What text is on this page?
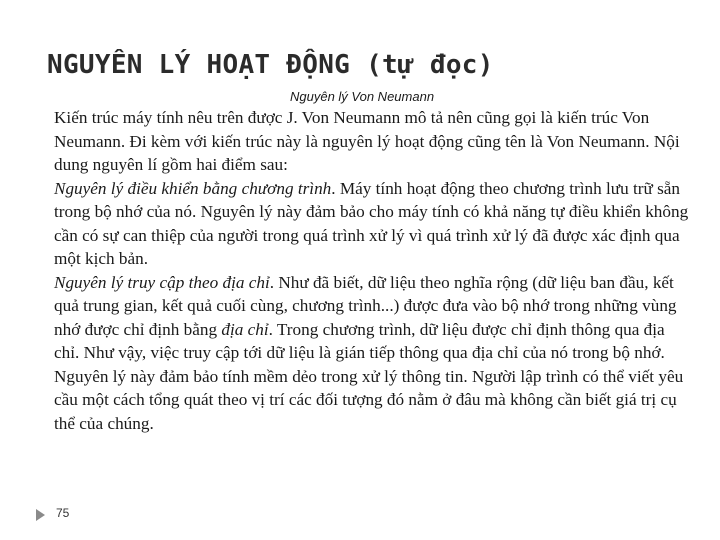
NGUYÊN LÝ HOẠT ĐỘNG (tự đọc)
Nguyên lý Von Neumann
Kiến trúc máy tính nêu trên được J. Von Neumann mô tả nên cũng gọi là kiến trúc Von Neumann. Đi kèm với kiến trúc này là nguyên lý hoạt động cũng tên là Von Neumann. Nội dung nguyên lí gồm hai điểm sau:
Nguyên lý điều khiển bằng chương trình. Máy tính hoạt động theo chương trình lưu trữ sẵn trong bộ nhớ của nó. Nguyên lý này đảm bảo cho máy tính có khả năng tự điều khiển không cần có sự can thiệp của người trong quá trình xử lý vì quá trình xử lý đã được xác định qua một kịch bản.
Nguyên lý truy cập theo địa chỉ. Như đã biết, dữ liệu theo nghĩa rộng (dữ liệu ban đầu, kết quả trung gian, kết quả cuối cùng, chương trình...) được đưa vào bộ nhớ trong những vùng nhớ được chỉ định bằng địa chỉ. Trong chương trình, dữ liệu được chỉ định thông qua địa chỉ. Như vậy, việc truy cập tới dữ liệu là gián tiếp thông qua địa chỉ của nó trong bộ nhớ. Nguyên lý này đảm bảo tính mềm dẻo trong xử lý thông tin. Người lập trình có thể viết yêu cầu một cách tổng quát theo vị trí các đối tượng đó nằm ở đâu mà không cần biết giá trị cụ thể của chúng.
75
